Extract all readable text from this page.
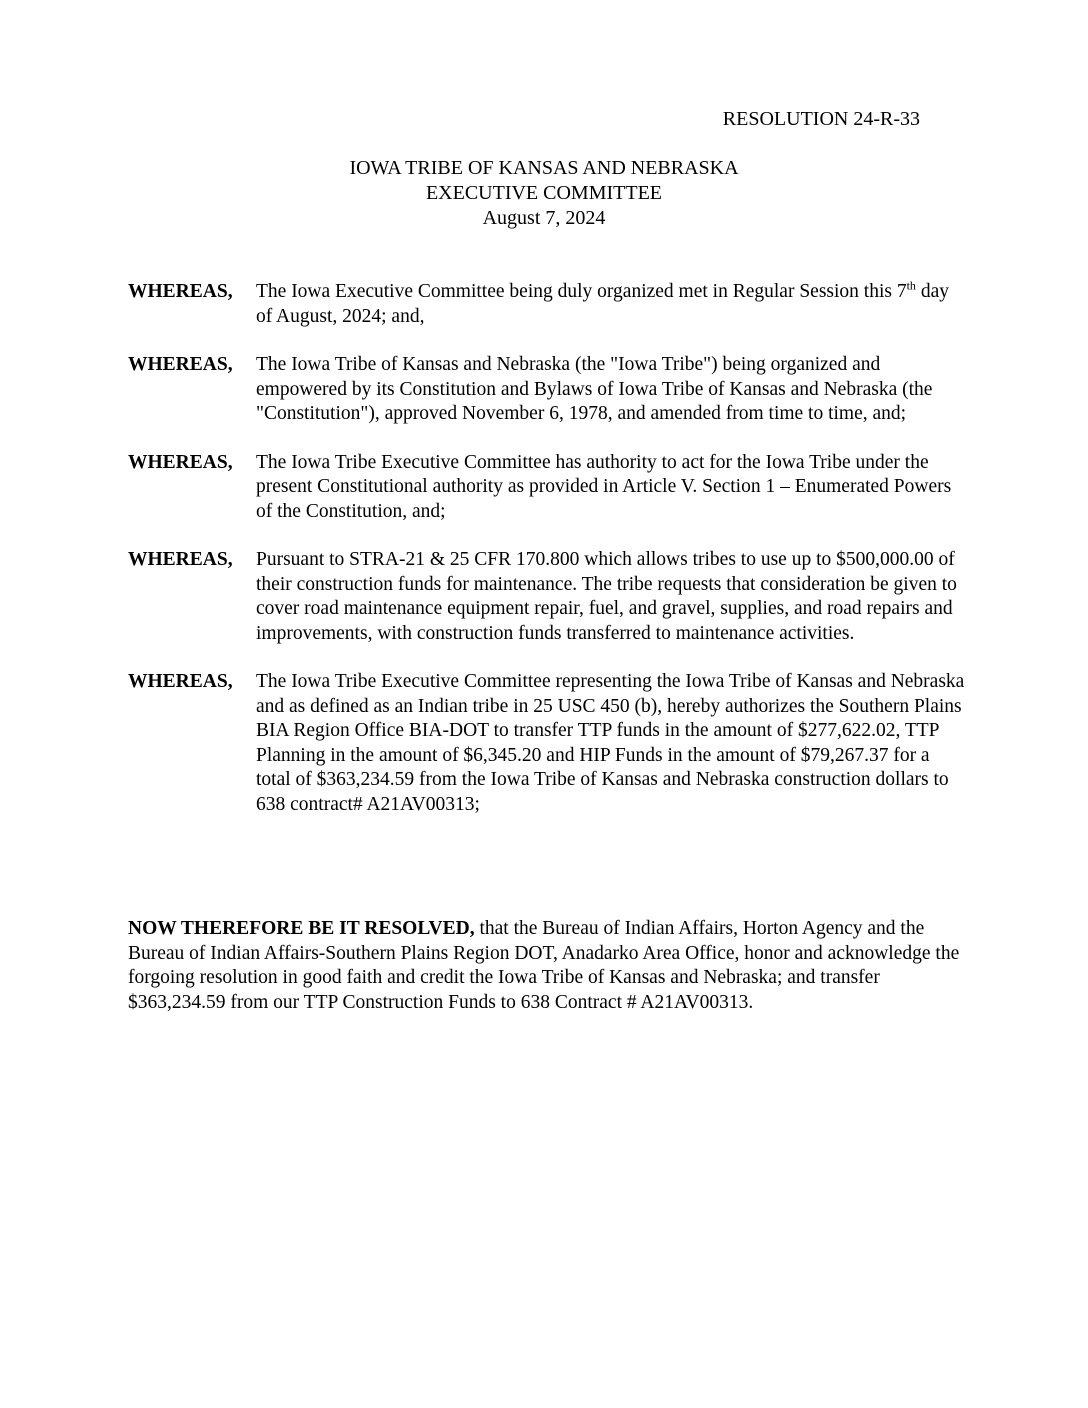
RESOLUTION 24-R-33
IOWA TRIBE OF KANSAS AND NEBRASKA
EXECUTIVE COMMITTEE
August 7, 2024
WHEREAS,	The Iowa Executive Committee being duly organized met in Regular Session this 7th day of August, 2024; and,
WHEREAS,	The Iowa Tribe of Kansas and Nebraska (the "Iowa Tribe") being organized and empowered by its Constitution and Bylaws of Iowa Tribe of Kansas and Nebraska (the "Constitution"), approved November 6, 1978, and amended from time to time, and;
WHEREAS,	The Iowa Tribe Executive Committee has authority to act for the Iowa Tribe under the present Constitutional authority as provided in Article V. Section 1 – Enumerated Powers of the Constitution, and;
WHEREAS,	Pursuant to STRA-21 & 25 CFR 170.800 which allows tribes to use up to $500,000.00 of their construction funds for maintenance. The tribe requests that consideration be given to cover road maintenance equipment repair, fuel, and gravel, supplies, and road repairs and improvements, with construction funds transferred to maintenance activities.
WHEREAS,	The Iowa Tribe Executive Committee representing the Iowa Tribe of Kansas and Nebraska and as defined as an Indian tribe in 25 USC 450 (b), hereby authorizes the Southern Plains BIA Region Office BIA-DOT to transfer TTP funds in the amount of $277,622.02, TTP Planning in the amount of $6,345.20 and HIP Funds in the amount of $79,267.37 for a total of $363,234.59 from the Iowa Tribe of Kansas and Nebraska construction dollars to 638 contract# A21AV00313;
NOW THEREFORE BE IT RESOLVED, that the Bureau of Indian Affairs, Horton Agency and the Bureau of Indian Affairs-Southern Plains Region DOT, Anadarko Area Office, honor and acknowledge the forgoing resolution in good faith and credit the Iowa Tribe of Kansas and Nebraska; and transfer $363,234.59 from our TTP Construction Funds to 638 Contract # A21AV00313.
